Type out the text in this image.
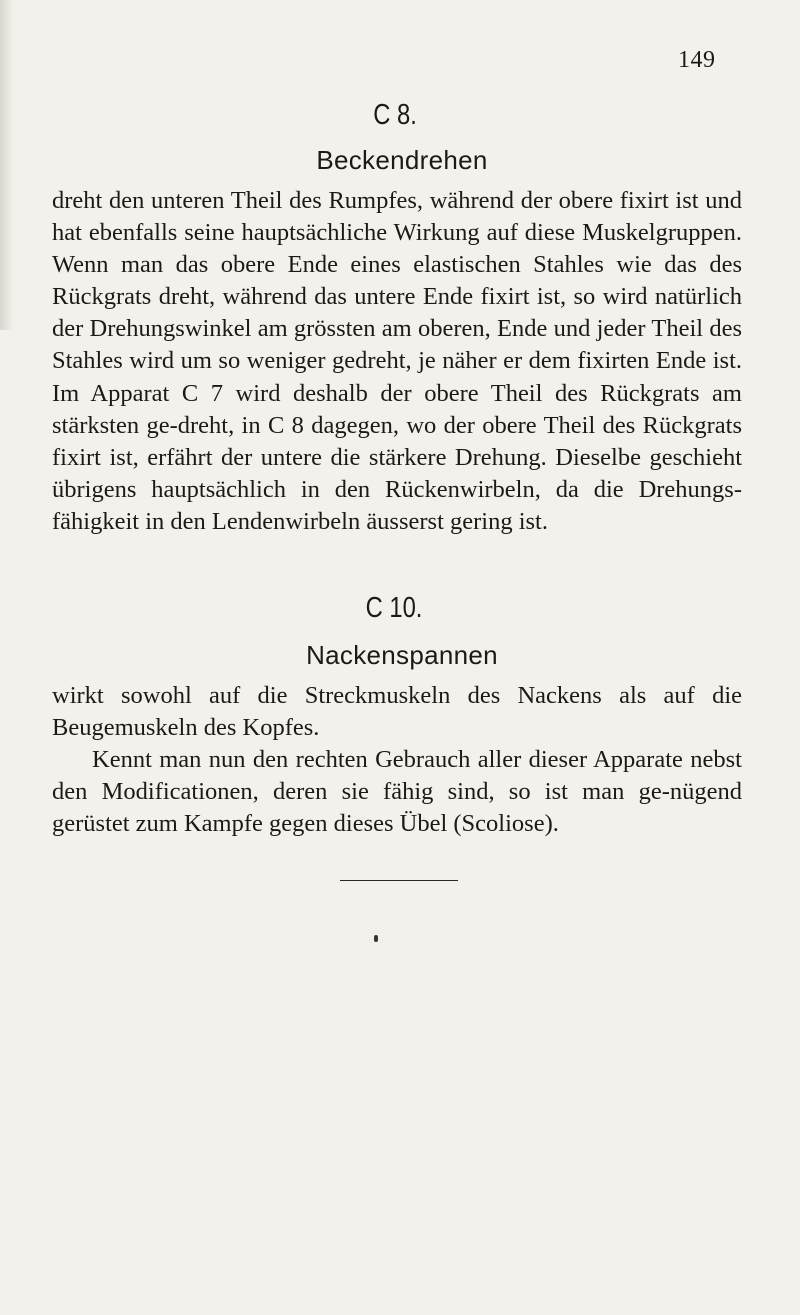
149
C 8.
Beckendrehen

dreht den unteren Theil des Rumpfes, während der obere fixirt ist und hat ebenfalls seine hauptsächliche Wirkung auf diese Muskelgruppen. Wenn man das obere Ende eines elastischen Stahles wie das des Rückgrats dreht, während das untere Ende fixirt ist, so wird natürlich der Drehungswinkel am grössten am oberen, Ende und jeder Theil des Stahles wird um so weniger gedreht, je näher er dem fixirten Ende ist. Im Apparat C 7 wird deshalb der obere Theil des Rückgrats am stärksten ge-dreht, in C 8 dagegen, wo der obere Theil des Rückgrats fixirt ist, erfährt der untere die stärkere Drehung. Dieselbe geschieht übrigens hauptsächlich in den Rückenwirbeln, da die Drehungs-fähigkeit in den Lendenwirbeln äusserst gering ist.

C 10.
Nackenspannen

wirkt sowohl auf die Streckmuskeln des Nackens als auf die Beugemuskeln des Kopfes.

Kennt man nun den rechten Gebrauch aller dieser Apparate nebst den Modificationen, deren sie fähig sind, so ist man ge-nügend gerüstet zum Kampfe gegen dieses Übel (Scoliose).
